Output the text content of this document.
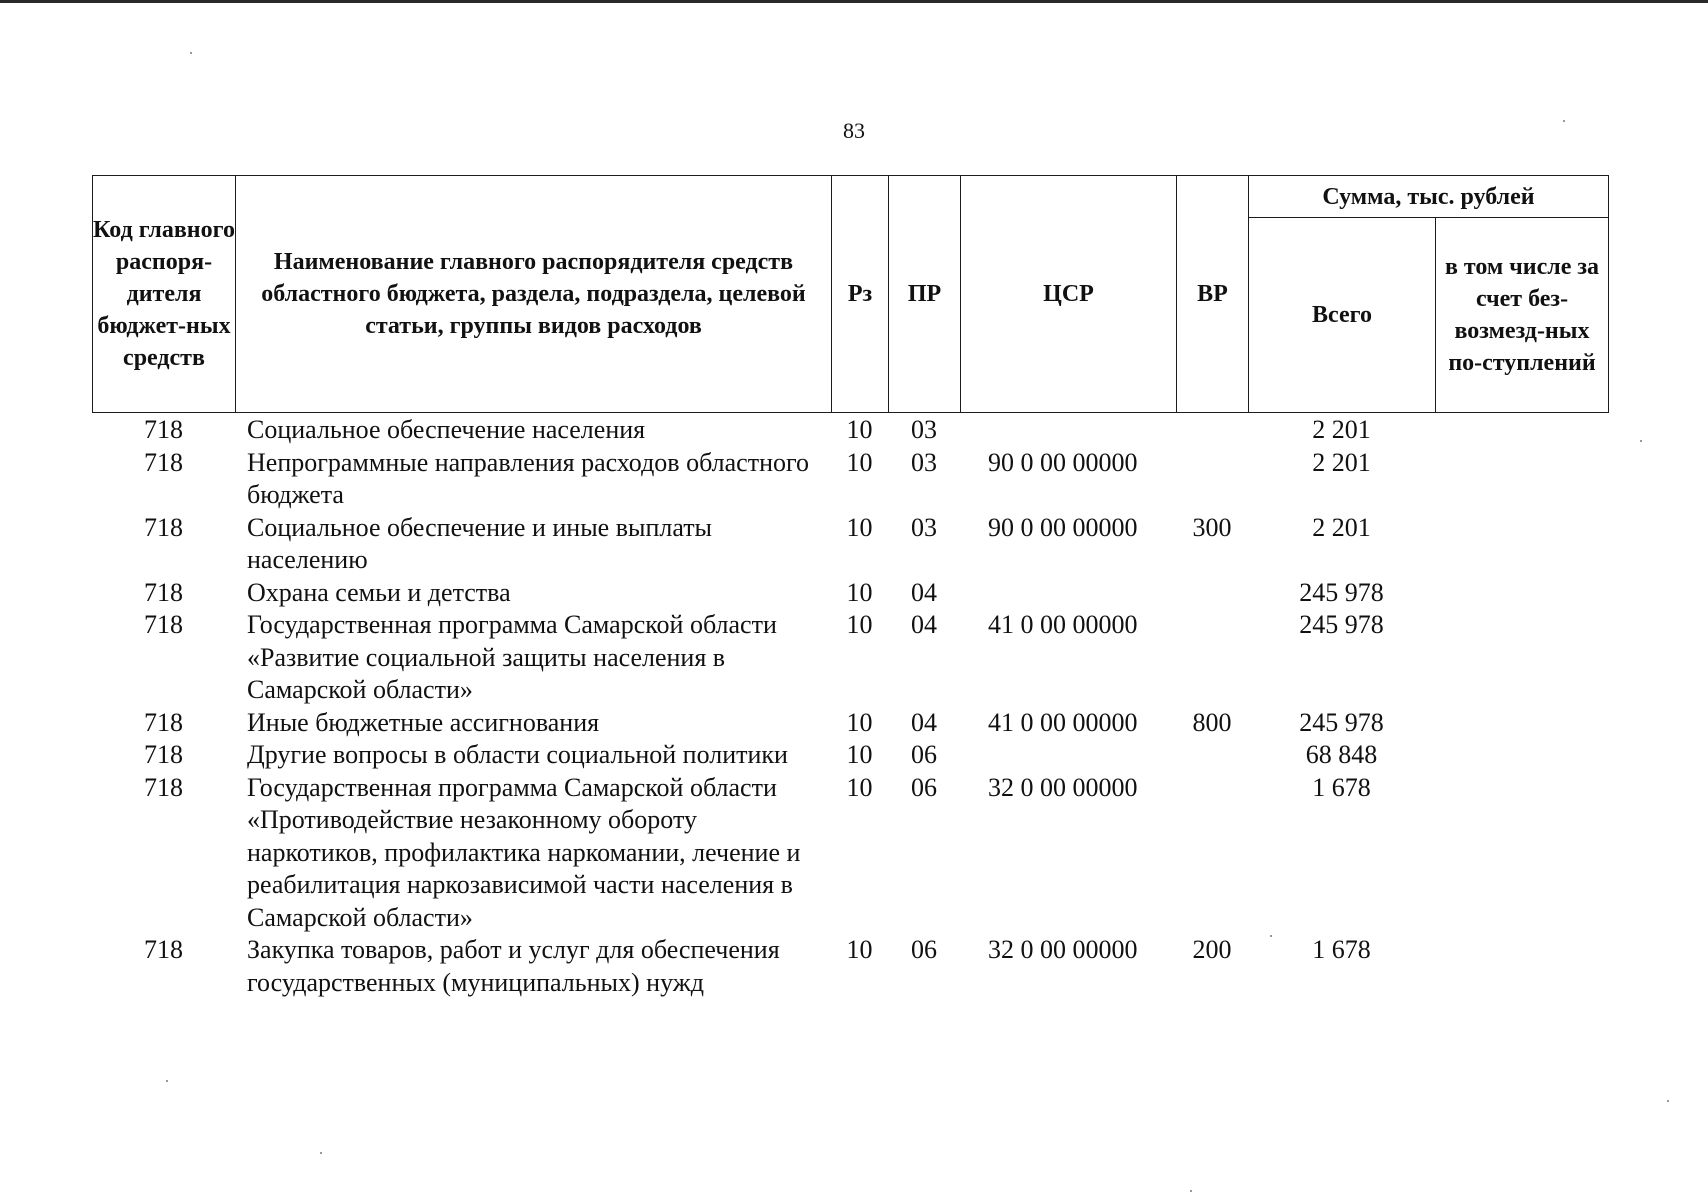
83
Код главного распоря-дителя бюджет-ных средств	Наименование главного распорядителя средств областного бюджета, раздела, подраздела, целевой статьи, группы видов расходов	Рз	ПР	ЦСР	ВР	Сумма, тыс. рублей	
						Всего	в том числе за счет без-возмезд-ных по-ступлений
718	Социальное обеспечение населения	10	03			2 201	
718	Непрограммные направления расходов областного бюджета	10	03	90 0 00 00000		2 201	
718	Социальное обеспечение и иные выплаты населению	10	03	90 0 00 00000	300	2 201	
718	Охрана семьи и детства	10	04			245 978	
718	Государственная программа Самарской области «Развитие социальной защиты населения в Самарской области»	10	04	41 0 00 00000		245 978	
718	Иные бюджетные ассигнования	10	04	41 0 00 00000	800	245 978	
718	Другие вопросы в области социальной политики	10	06			68 848	
718	Государственная программа Самарской области «Противодействие незаконному обороту наркотиков, профилактика наркомании, лечение и реабилитация наркозависимой части населения в Самарской области»	10	06	32 0 00 00000		1 678	
718	Закупка товаров, работ и услуг для обеспечения государственных (муниципальных) нужд	10	06	32 0 00 00000	200	1 678	
